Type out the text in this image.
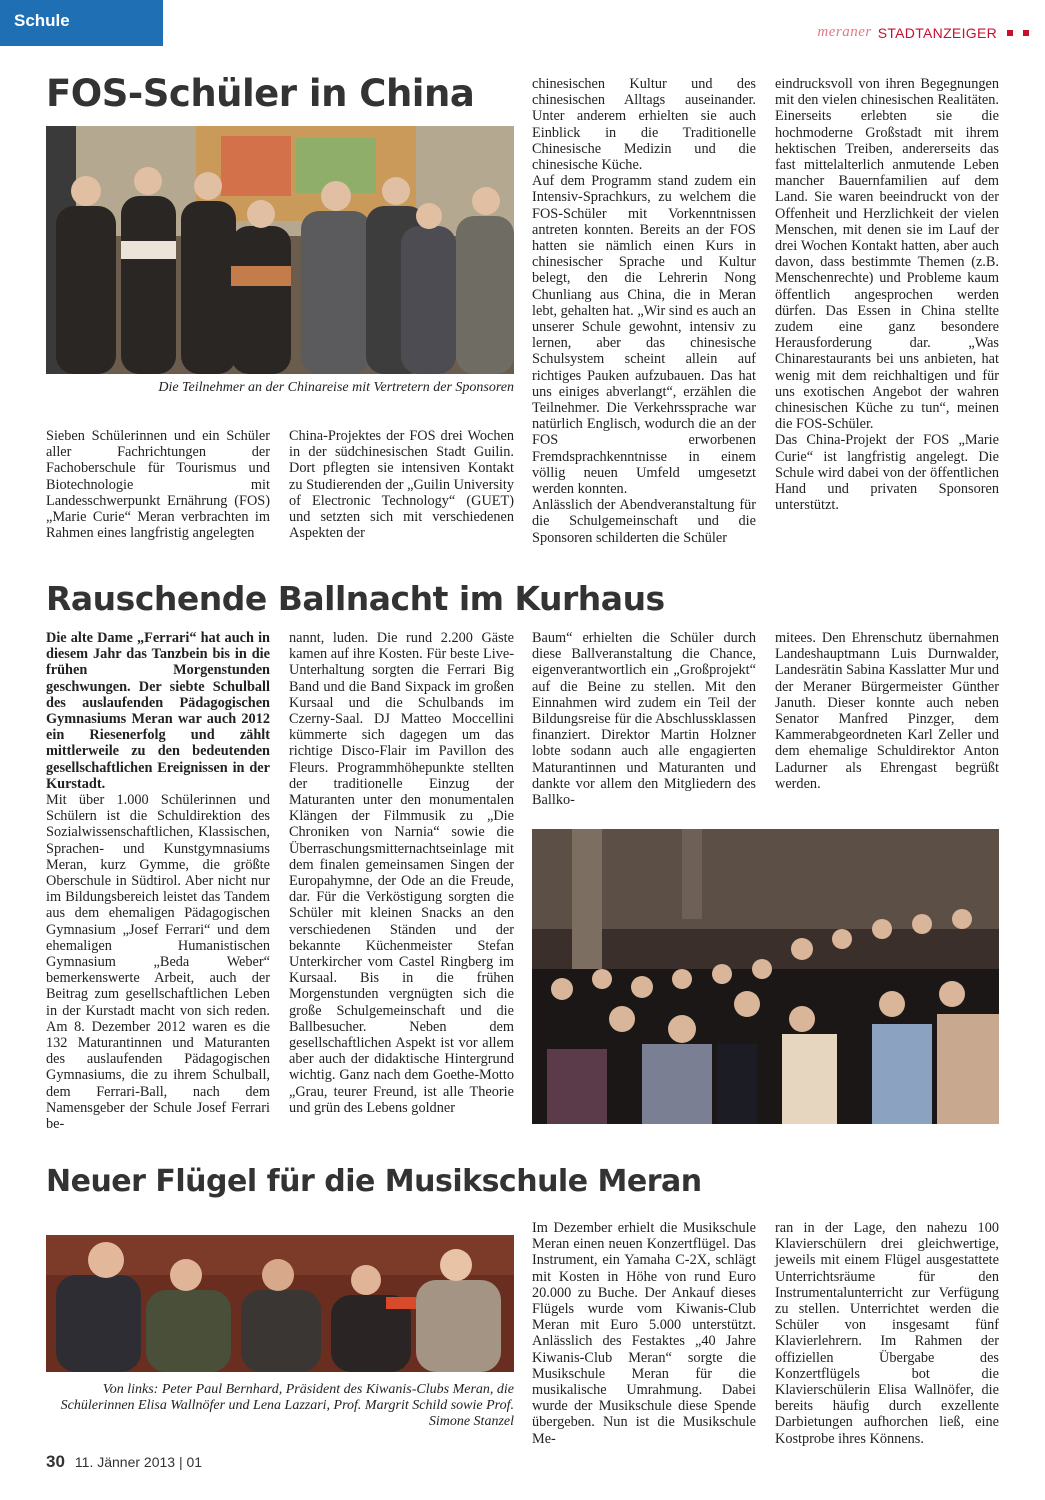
Schule
meraner STADTANZEIGER
FOS-Schüler in China
Die Teilnehmer an der Chinareise mit Vertretern der Sponsoren

Sieben Schülerinnen und ein Schüler aller Fachrichtungen der Fachoberschule für Tourismus und Biotechnologie mit Landesschwerpunkt Ernährung (FOS) „Marie Curie“ Meran verbrachten im Rahmen eines langfristig angelegten

China-Projektes der FOS drei Wochen in der südchinesischen Stadt Guilin. Dort pflegten sie intensiven Kontakt zu Studierenden der „Guilin University of Electronic Technology“ (GUET) und setzten sich mit verschiedenen Aspekten der

chinesischen Kultur und des chinesischen Alltags auseinander. Unter anderem erhielten sie auch Einblick in die Traditionelle Chinesische Medizin und die chinesische Küche.

Auf dem Programm stand zudem ein Intensiv-Sprachkurs, zu welchem die FOS-Schüler mit Vorkenntnissen antreten konnten. Bereits an der FOS hatten sie nämlich einen Kurs in chinesischer Sprache und Kultur belegt, den die Lehrerin Nong Chunliang aus China, die in Meran lebt, gehalten hat. „Wir sind es auch an unserer Schule gewohnt, intensiv zu lernen, aber das chinesische Schulsystem scheint allein auf richtiges Pauken aufzubauen. Das hat uns einiges abverlangt“, erzählen die Teilnehmer. Die Verkehrssprache war natürlich Englisch, wodurch die an der FOS erworbenen Fremdsprachkenntnisse in einem völlig neuen Umfeld umgesetzt werden konnten.

Anlässlich der Abendveranstaltung für die Schulgemeinschaft und die Sponsoren schilderten die Schüler

eindrucksvoll von ihren Begegnungen mit den vielen chinesischen Realitäten. Einerseits erlebten sie die hochmoderne Großstadt mit ihrem hektischen Treiben, andererseits das fast mittelalterlich anmutende Leben mancher Bauernfamilien auf dem Land. Sie waren beeindruckt von der Offenheit und Herzlichkeit der vielen Menschen, mit denen sie im Lauf der drei Wochen Kontakt hatten, aber auch davon, dass bestimmte Themen (z.B. Menschenrechte) und Probleme kaum öffentlich angesprochen werden dürfen. Das Essen in China stellte zudem eine ganz besondere Herausforderung dar. „Was Chinarestaurants bei uns anbieten, hat wenig mit dem reichhaltigen und für uns exotischen Angebot der wahren chinesischen Küche zu tun“, meinen die FOS-Schüler.

Das China-Projekt der FOS „Marie Curie“ ist langfristig angelegt. Die Schule wird dabei von der öffentlichen Hand und privaten Sponsoren unterstützt.

Rauschende Ballnacht im Kurhaus

Die alte Dame „Ferrari“ hat auch in diesem Jahr das Tanzbein bis in die frühen Morgenstunden geschwungen. Der siebte Schulball des auslaufenden Pädagogischen Gymnasiums Meran war auch 2012 ein Riesenerfolg und zählt mittlerweile zu den bedeutenden gesellschaftlichen Ereignissen in der Kurstadt.

Mit über 1.000 Schülerinnen und Schülern ist die Schuldirektion des Sozialwissenschaftlichen, Klassischen, Sprachen- und Kunstgymnasiums Meran, kurz Gymme, die größte Oberschule in Südtirol. Aber nicht nur im Bildungsbereich leistet das Tandem aus dem ehemaligen Pädagogischen Gymnasium „Josef Ferrari“ und dem ehemaligen Humanistischen Gymnasium „Beda Weber“ bemerkenswerte Arbeit, auch der Beitrag zum gesellschaftlichen Leben in der Kurstadt macht von sich reden. Am 8. Dezember 2012 waren es die 132 Maturantinnen und Maturanten des auslaufenden Pädagogischen Gymnasiums, die zu ihrem Schulball, dem Ferrari-Ball, nach dem Namensgeber der Schule Josef Ferrari be-

nannt, luden. Die rund 2.200 Gäste kamen auf ihre Kosten. Für beste Live-Unterhaltung sorgten die Ferrari Big Band und die Band Sixpack im großen Kursaal und die Schulbands im Czerny-Saal. DJ Matteo Moccellini kümmerte sich dagegen um das richtige Disco-Flair im Pavillon des Fleurs. Programmhöhepunkte stellten der traditionelle Einzug der Maturanten unter den monumentalen Klängen der Filmmusik zu „Die Chroniken von Narnia“ sowie die Überraschungsmitternachtseinlage mit dem finalen gemeinsamen Singen der Europahymne, der Ode an die Freude, dar. Für die Verköstigung sorgten die Schüler mit kleinen Snacks an den verschiedenen Ständen und der bekannte Küchenmeister Stefan Unterkircher vom Castel Ringberg im Kursaal. Bis in die frühen Morgenstunden vergnügten sich die große Schulgemeinschaft und die Ballbesucher. Neben dem gesellschaftlichen Aspekt ist vor allem aber auch der didaktische Hintergrund wichtig. Ganz nach dem Goethe-Motto „Grau, teurer Freund, ist alle Theorie und grün des Lebens goldner

Baum“ erhielten die Schüler durch diese Ballveranstaltung die Chance, eigenverantwortlich ein „Großprojekt“ auf die Beine zu stellen. Mit den Einnahmen wird zudem ein Teil der Bildungsreise für die Abschlussklassen finanziert. Direktor Martin Holzner lobte sodann auch alle engagierten Maturantinnen und Maturanten und dankte vor allem den Mitgliedern des Ballko-

mitees. Den Ehrenschutz übernahmen Landeshauptmann Luis Durnwalder, Landesrätin Sabina Kasslatter Mur und der Meraner Bürgermeister Günther Januth. Dieser konnte auch neben Senator Manfred Pinzger, dem Kammerabgeordneten Karl Zeller und dem ehemalige Schuldirektor Anton Ladurner als Ehrengast begrüßt werden.

Neuer Flügel für die Musikschule Meran
Von links: Peter Paul Bernhard, Präsident des Kiwanis-Clubs Meran, die Schülerinnen Elisa Wallnöfer und Lena Lazzari, Prof. Margrit Schild sowie Prof. Simone Stanzel

Im Dezember erhielt die Musikschule Meran einen neuen Konzertflügel. Das Instrument, ein Yamaha C-2X, schlägt mit Kosten in Höhe von rund Euro 20.000 zu Buche. Der Ankauf dieses Flügels wurde vom Kiwanis-Club Meran mit Euro 5.000 unterstützt. Anlässlich des Festaktes „40 Jahre Kiwanis-Club Meran“ sorgte die Musikschule Meran für die musikalische Umrahmung. Dabei wurde der Musikschule diese Spende übergeben. Nun ist die Musikschule Me-

ran in der Lage, den nahezu 100 Klavierschülern drei gleichwertige, jeweils mit einem Flügel ausgestattete Unterrichtsräume für den Instrumentalunterricht zur Verfügung zu stellen. Unterrichtet werden die Schüler von insgesamt fünf Klavierlehrern. Im Rahmen der offiziellen Übergabe des Konzertflügels bot die Klavierschülerin Elisa Wallnöfer, die bereits häufig durch exzellente Darbietungen aufhorchen ließ, eine Kostprobe ihres Könnens.

30 11. Jänner 2013 | 01
